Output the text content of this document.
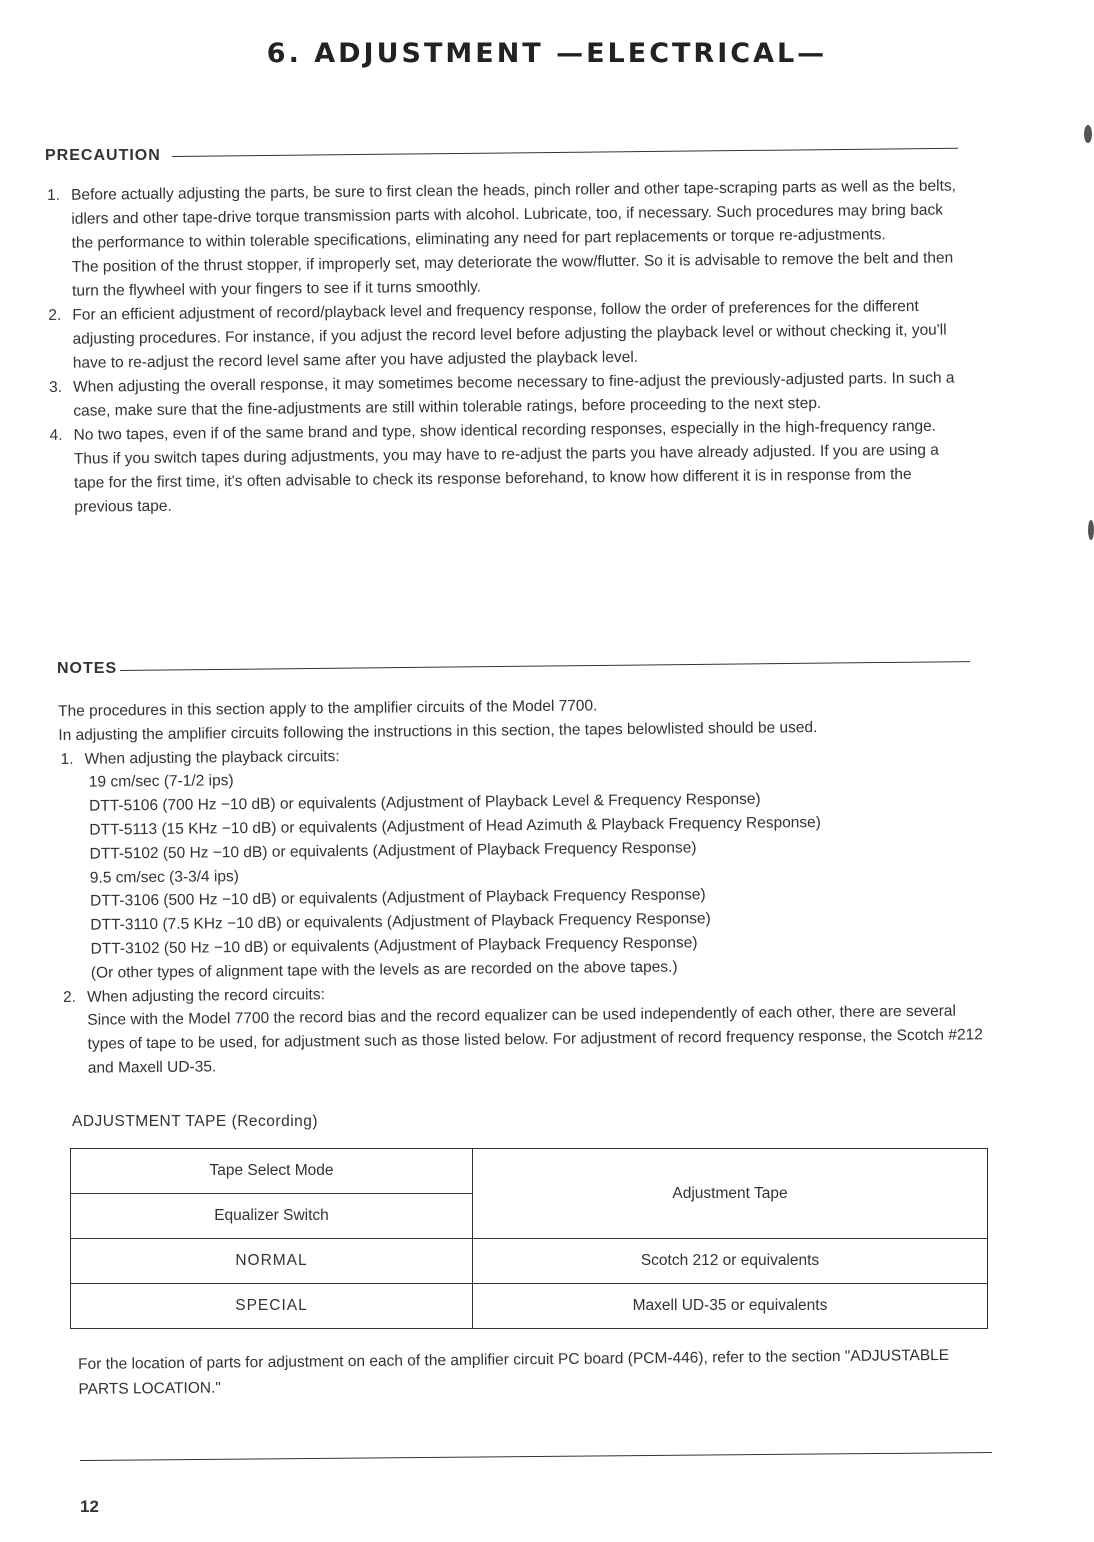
6. ADJUSTMENT —ELECTRICAL—
PRECAUTION
1. Before actually adjusting the parts, be sure to first clean the heads, pinch roller and other tape-scraping parts as well as the belts, idlers and other tape-drive torque transmission parts with alcohol. Lubricate, too, if necessary. Such procedures may bring back the performance to within tolerable specifications, eliminating any need for part replacements or torque re-adjustments.
The position of the thrust stopper, if improperly set, may deteriorate the wow/flutter. So it is advisable to remove the belt and then turn the flywheel with your fingers to see if it turns smoothly.
2. For an efficient adjustment of record/playback level and frequency response, follow the order of preferences for the different adjusting procedures. For instance, if you adjust the record level before adjusting the playback level or without checking it, you'll have to re-adjust the record level same after you have adjusted the playback level.
3. When adjusting the overall response, it may sometimes become necessary to fine-adjust the previously-adjusted parts. In such a case, make sure that the fine-adjustments are still within tolerable ratings, before proceeding to the next step.
4. No two tapes, even if of the same brand and type, show identical recording responses, especially in the high-frequency range. Thus if you switch tapes during adjustments, you may have to re-adjust the parts you have already adjusted. If you are using a tape for the first time, it's often advisable to check its response beforehand, to know how different it is in response from the previous tape.
NOTES
The procedures in this section apply to the amplifier circuits of the Model 7700.
In adjusting the amplifier circuits following the instructions in this section, the tapes belowlisted should be used.
1. When adjusting the playback circuits:
19 cm/sec (7-1/2 ips)
DTT-5106 (700 Hz −10 dB) or equivalents (Adjustment of Playback Level & Frequency Response)
DTT-5113 (15 KHz −10 dB) or equivalents (Adjustment of Head Azimuth & Playback Frequency Response)
DTT-5102 (50 Hz −10 dB) or equivalents (Adjustment of Playback Frequency Response)
9.5 cm/sec (3-3/4 ips)
DTT-3106 (500 Hz −10 dB) or equivalents (Adjustment of Playback Frequency Response)
DTT-3110 (7.5 KHz −10 dB) or equivalents (Adjustment of Playback Frequency Response)
DTT-3102 (50 Hz −10 dB) or equivalents (Adjustment of Playback Frequency Response)
(Or other types of alignment tape with the levels as are recorded on the above tapes.)
2. When adjusting the record circuits:
Since with the Model 7700 the record bias and the record equalizer can be used independently of each other, there are several types of tape to be used, for adjustment such as those listed below. For adjustment of record frequency response, the Scotch #212 and Maxell UD-35.
ADJUSTMENT TAPE (Recording)
Tape Select Mode	Adjustment Tape
Equalizer Switch	
NORMAL	Scotch 212 or equivalents
SPECIAL	Maxell UD-35 or equivalents
For the location of parts for adjustment on each of the amplifier circuit PC board (PCM-446), refer to the section "ADJUSTABLE PARTS LOCATION."
12
